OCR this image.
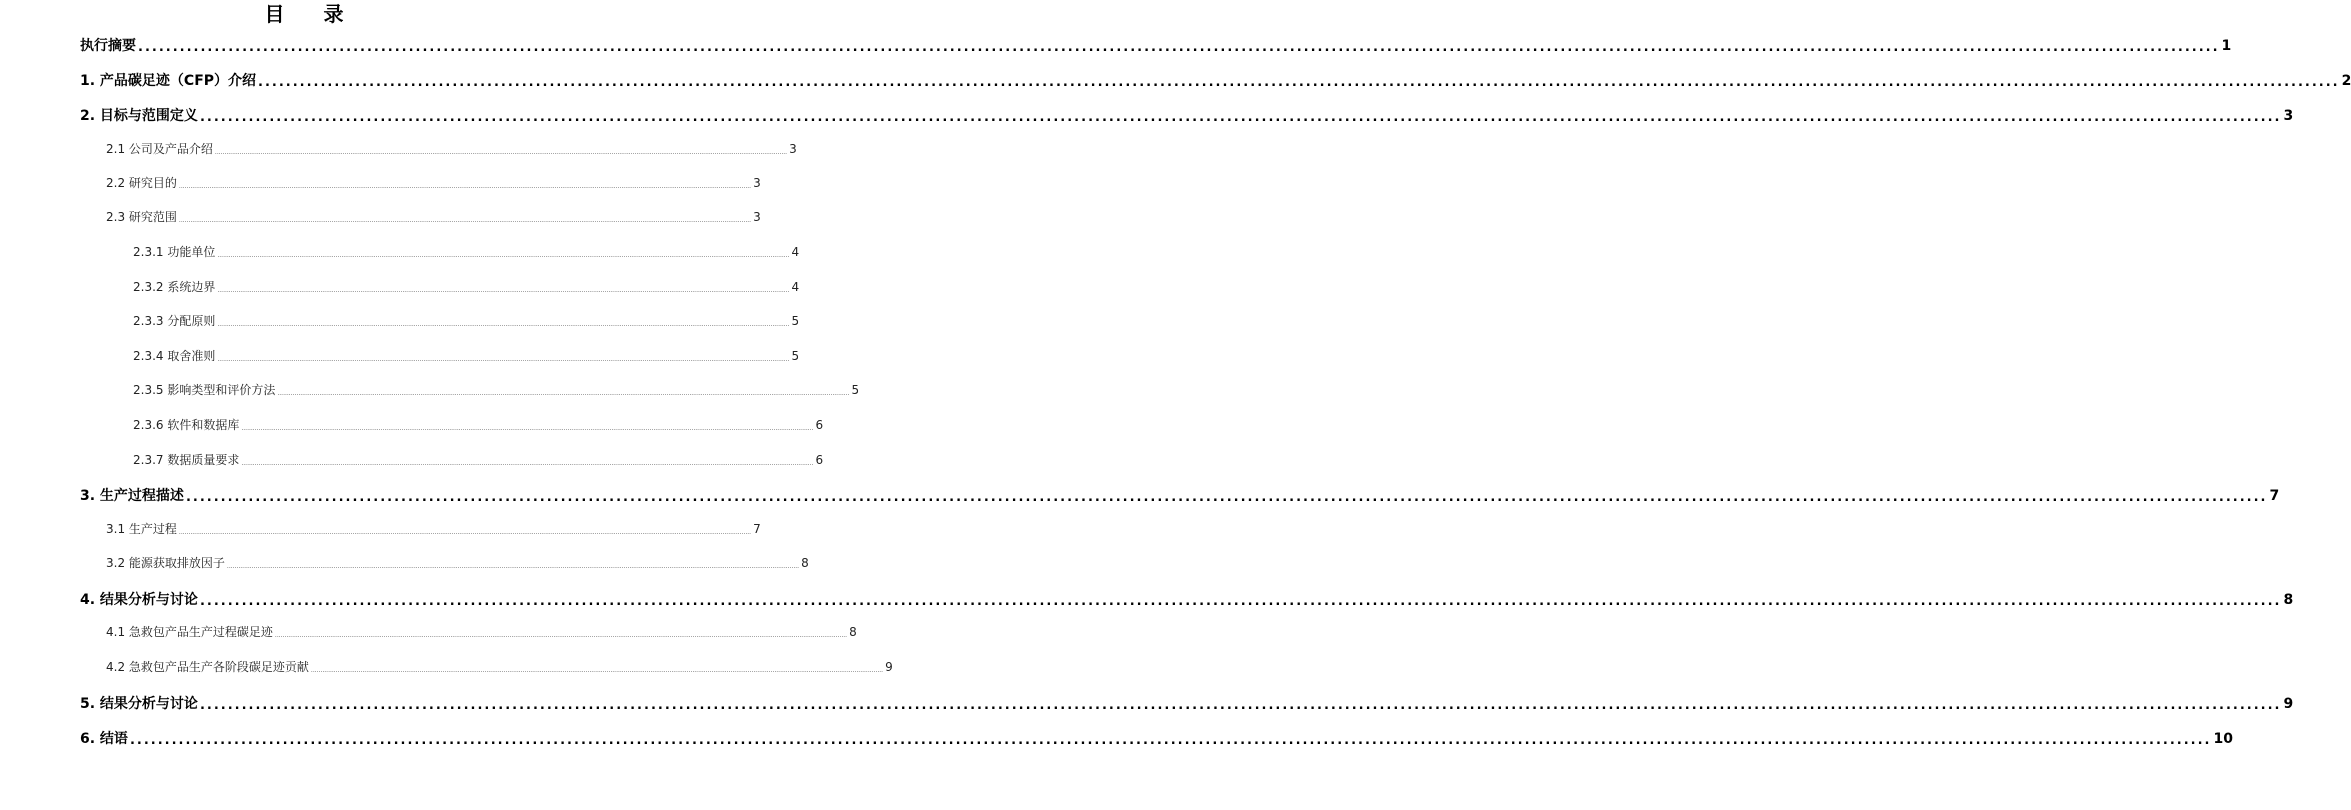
目 录
执行摘要 ............................................................................................................................................................................................................................................................................................................ 1
1. 产品碳足迹（CFP）介绍 ............................................................................................................................................................................................................................................................................................................ 2
2. 目标与范围定义 ............................................................................................................................................................................................................................................................................................................ 3
2.1 公司及产品介绍 ............................................................................................................................................................................................................................................................................................................ 3
2.2 研究目的 ............................................................................................................................................................................................................................................................................................................ 3
2.3 研究范围 ............................................................................................................................................................................................................................................................................................................ 3
2.3.1 功能单位 ............................................................................................................................................................................................................................................................................................................ 4
2.3.2 系统边界 ............................................................................................................................................................................................................................................................................................................ 4
2.3.3 分配原则 ............................................................................................................................................................................................................................................................................................................ 5
2.3.4 取舍准则 ............................................................................................................................................................................................................................................................................................................ 5
2.3.5 影响类型和评价方法 ............................................................................................................................................................................................................................................................................................................ 5
2.3.6 软件和数据库 ............................................................................................................................................................................................................................................................................................................ 6
2.3.7 数据质量要求 ............................................................................................................................................................................................................................................................................................................ 6
3. 生产过程描述 ............................................................................................................................................................................................................................................................................................................ 7
3.1 生产过程 ............................................................................................................................................................................................................................................................................................................ 7
3.2 能源获取排放因子 ............................................................................................................................................................................................................................................................................................................ 8
4. 结果分析与讨论 ............................................................................................................................................................................................................................................................................................................ 8
4.1 急救包产品生产过程碳足迹 ............................................................................................................................................................................................................................................................................................................ 8
4.2 急救包产品生产各阶段碳足迹贡献 ............................................................................................................................................................................................................................................................................................................ 9
5. 结果分析与讨论 ............................................................................................................................................................................................................................................................................................................ 9
6. 结语 ............................................................................................................................................................................................................................................................................................................ 10
